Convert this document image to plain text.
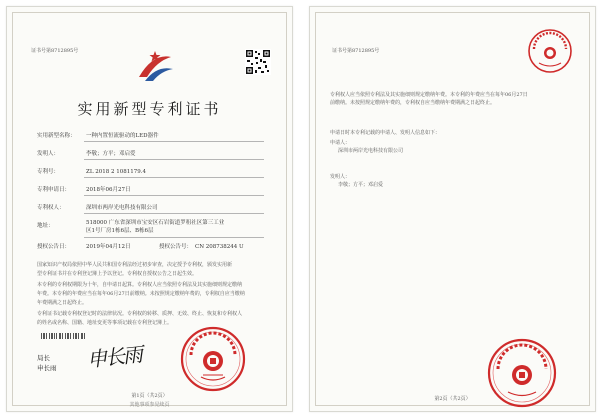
证书号第8712895号
实用新型专利证书
实用新型名称： 一种内置恒流驱动的LED器件
发明人：	李敬；方平；邓启爱
专利号：	ZL 2018 2 1081179.4
专利申请日：	2018年06月27日
专利权人：	深圳市两岸光电科技有限公司
地址：	518000 广东省深圳市宝安区石岩街道罗租社区第三工业
区1号厂房1栋6层、B栋6层
授权公告日：	2019年04月12日	授权公告号： CN 208738244 U
国家知识产权局依照中华人民共和国专利法经过初步审查，决定授予专利权，颁发实用新
型专利证书并在专利登记簿上予以登记。专利权自授权公告之日起生效。
本专利的专利权期限为十年，自申请日起算。专利权人应当依照专利法及其实施细则规定缴纳
年费。本专利的年费应当在每年06月27日前缴纳。未按照规定缴纳年费的，专利权自应当缴纳
年费期满之日起终止。
专利证书记载专利权登记时的法律状况。专利权的转移、质押、无效、终止、恢复和专利权人
的姓名或名称、国籍、地址变更等事项记载在专利登记簿上。
局长
申长雨 申长雨
第1页（共2页）
其他事项参见续页
证书号第8712895号
专利权人应当依照专利法及其实施细则规定缴纳年费。本专利的年费应当在每年06月27日
前缴纳。未按照规定缴纳年费的，专利权自应当缴纳年费期满之日起终止。
申请日时本专利记载的申请人、发明人信息如下：
申请人：
深圳市两岸光电科技有限公司
发明人：
李敬；方平；邓启爱
第2页（共2页）
